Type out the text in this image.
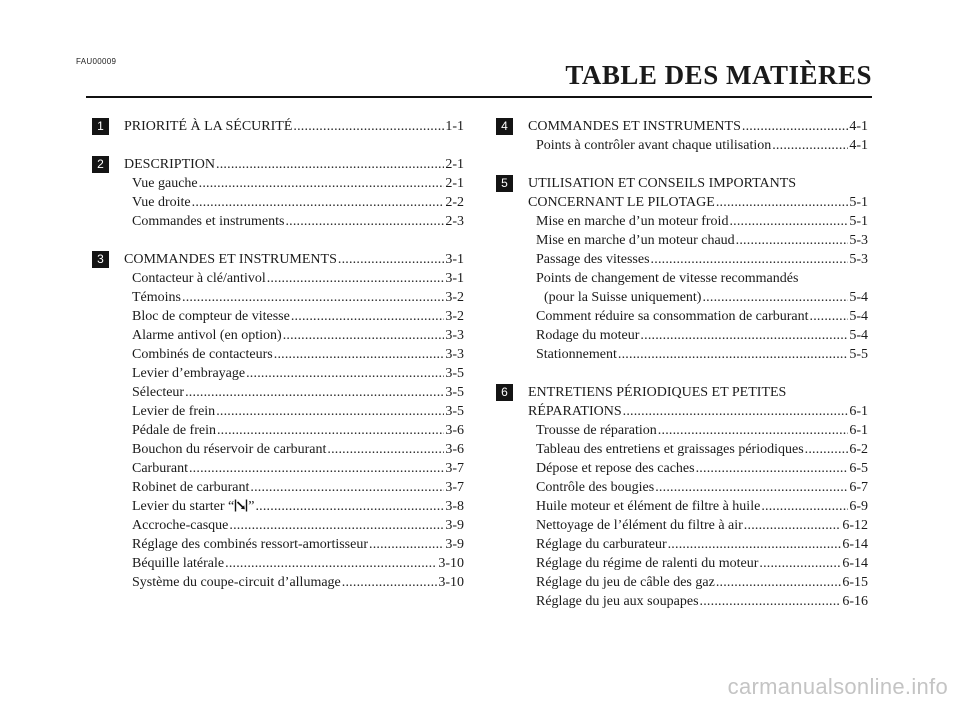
FAU00009	TABLE DES MATIÈRES
1	PRIORITÉ À LA SÉCURITÉ .....	1-1
2	DESCRIPTION .....	2-1
Vue gauche .....	2-1
Vue droite .....	2-2
Commandes et instruments .....	2-3
3	COMMANDES ET INSTRUMENTS .....	3-1
Contacteur à clé/antivol .....	3-1
Témoins .....	3-2
Bloc de compteur de vitesse .....	3-2
Alarme antivol (en option) .....	3-3
Combinés de contacteurs .....	3-3
Levier d’embrayage .....	3-5
Sélecteur .....	3-5
Levier de frein .....	3-5
Pédale de frein .....	3-6
Bouchon du réservoir de carburant .....	3-6
Carburant .....	3-7
Robinet de carburant .....	3-7
Levier du starter “ ” .....	3-8
Accroche-casque .....	3-9
Réglage des combinés ressort-amortisseur .....	3-9
Béquille latérale .....	3-10
Système du coupe-circuit d’allumage .....	3-10
4	COMMANDES ET INSTRUMENTS .....	4-1
Points à contrôler avant chaque utilisation .....	4-1
5	UTILISATION ET CONSEILS IMPORTANTS
CONCERNANT LE PILOTAGE .....	5-1
Mise en marche d’un moteur froid .....	5-1
Mise en marche d’un moteur chaud .....	5-3
Passage des vitesses .....	5-3
Points de changement de vitesse recommandés
(pour la Suisse uniquement) .....	5-4
Comment réduire sa consommation de carburant .....	5-4
Rodage du moteur .....	5-4
Stationnement .....	5-5
6	ENTRETIENS PÉRIODIQUES ET PETITES
RÉPARATIONS .....	6-1
Trousse de réparation .....	6-1
Tableau des entretiens et graissages périodiques .....	6-2
Dépose et repose des caches .....	6-5
Contrôle des bougies .....	6-7
Huile moteur et élément de filtre à huile .....	6-9
Nettoyage de l’élément du filtre à air .....	6-12
Réglage du carburateur .....	6-14
Réglage du régime de ralenti du moteur .....	6-14
Réglage du jeu de câble des gaz .....	6-15
Réglage du jeu aux soupapes .....	6-16
carmanualsonline.info
